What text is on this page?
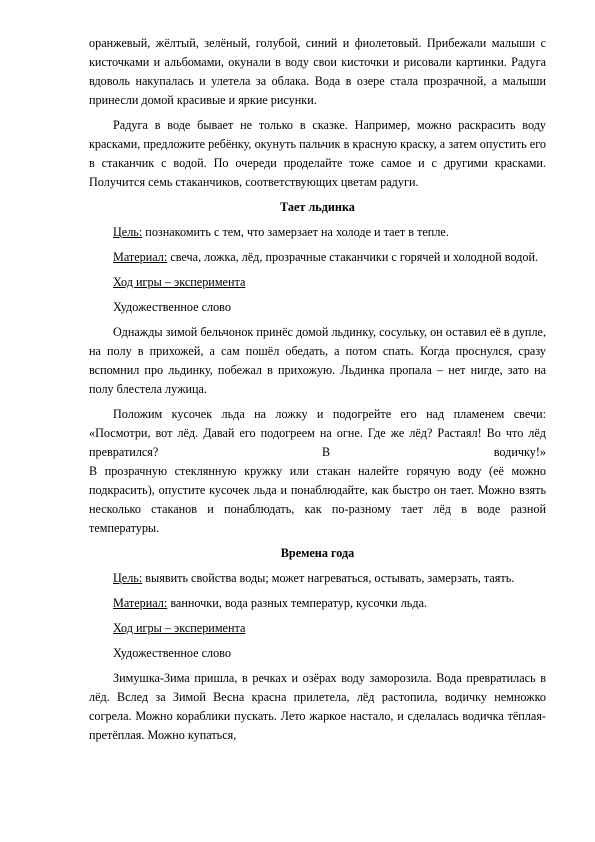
оранжевый, жёлтый, зелёный, голубой, синий и фиолетовый. Прибежали малыши с кисточками и альбомами, окунали в воду свои кисточки и рисовали картинки. Радуга вдоволь накупалась и улетела за облака. Вода в озере стала прозрачной, а малыши принесли домой красивые и яркие рисунки.

Радуга в воде бывает не только в сказке. Например, можно раскрасить воду красками, предложите ребёнку, окунуть пальчик в красную краску, а затем опустить его в стаканчик с водой. По очереди проделайте тоже самое и с другими красками. Получится семь стаканчиков, соответствующих цветам радуги.

Тает льдинка

Цель: познакомить с тем, что замерзает на холоде и тает в тепле.

Материал: свеча, ложка, лёд, прозрачные стаканчики с горячей и холодной водой.

Ход игры – эксперимента

Художественное слово

Однажды зимой бельчонок принёс домой льдинку, сосульку, он оставил её в дупле, на полу в прихожей, а сам пошёл обедать, а потом спать. Когда проснулся, сразу вспомнил про льдинку, побежал в прихожую. Льдинка пропала – нет нигде, зато на полу блестела лужица.

Положим кусочек льда на ложку и подогрейте его над пламенем свечи: «Посмотри, вот лёд. Давай его подогреем на огне. Где же лёд? Растаял! Во что лёд превратился? В водичку!»

В прозрачную стеклянную кружку или стакан налейте горячую воду (её можно подкрасить), опустите кусочек льда и понаблюдайте, как быстро он тает. Можно взять несколько стаканов и понаблюдать, как по-разному тает лёд в воде разной температуры.

Времена года

Цель: выявить свойства воды; может нагреваться, остывать, замерзать, таять.

Материал: ванночки, вода разных температур, кусочки льда.

Ход игры – эксперимента

Художественное слово

Зимушка-Зима пришла, в речках и озёрах воду заморозила. Вода превратилась в лёд. Вслед за Зимой Весна красна прилетела, лёд растопила, водичку немножко согрела. Можно кораблики пускать. Лето жаркое настало, и сделалась водичка тёплая-претёплая. Можно купаться,
